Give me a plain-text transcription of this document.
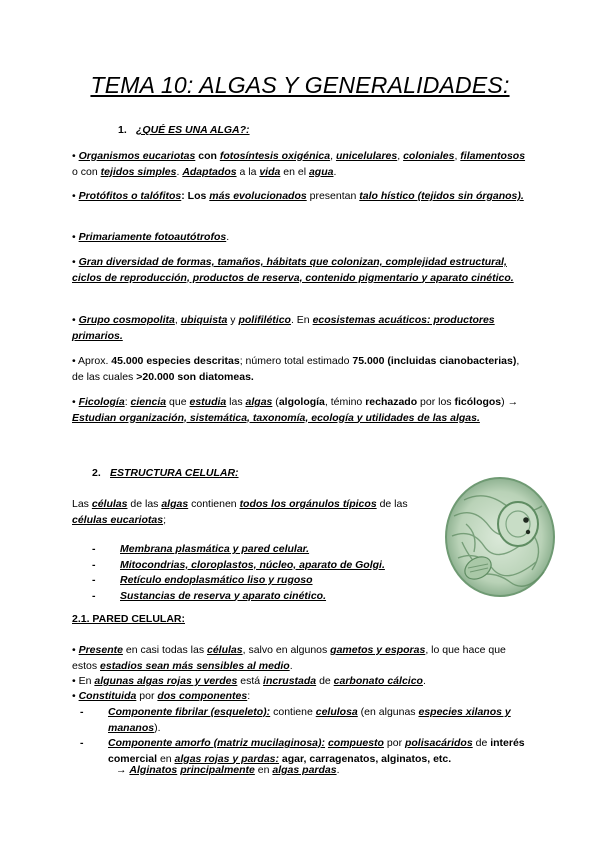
TEMA 10: ALGAS Y GENERALIDADES:
1. ¿QUÉ ES UNA ALGA?:
• Organismos eucariotas con fotosíntesis oxigénica, unicelulares, coloniales, filamentosos o con tejidos simples. Adaptados a la vida en el agua.
• Protófitos o talófitos: Los más evolucionados presentan talo hístico (tejidos sin órganos).
• Primariamente fotoautótrofos.
• Gran diversidad de formas, tamaños, hábitats que colonizan, complejidad estructural, ciclos de reproducción, productos de reserva, contenido pigmentario y aparato cinético.
• Grupo cosmopolita, ubiquista y polifilético. En ecosistemas acuáticos: productores primarios.
• Aprox. 45.000 especies descritas; número total estimado 75.000 (incluidas cianobacterias), de las cuales >20.000 son diatomeas.
• Ficología: ciencia que estudia las algas (algología, témino rechazado por los ficólogos) → Estudian organización, sistemática, taxonomía, ecología y utilidades de las algas.
2. ESTRUCTURA CELULAR:
Las células de las algas contienen todos los orgánulos típicos de las células eucariotas;
- Membrana plasmática y pared celular.
- Mitocondrias, cloroplastos, núcleo, aparato de Golgi.
- Retículo endoplasmático liso y rugoso
- Sustancias de reserva y aparato cinético.
2.1. PARED CELULAR:
• Presente en casi todas las células, salvo en algunos gametos y esporas, lo que hace que estos estadios sean más sensibles al medio.
• En algunas algas rojas y verdes está incrustada de carbonato cálcico.
• Constituida por dos componentes:
- Componente fibrilar (esqueleto): contiene celulosa (en algunas especies xilanos y mananos).
- Componente amorfo (matriz mucilaginosa): compuesto por polisacáridos de interés comercial en algas rojas y pardas: agar, carragenatos, alginatos, etc.
→ Alginatos principalmente en algas pardas.
